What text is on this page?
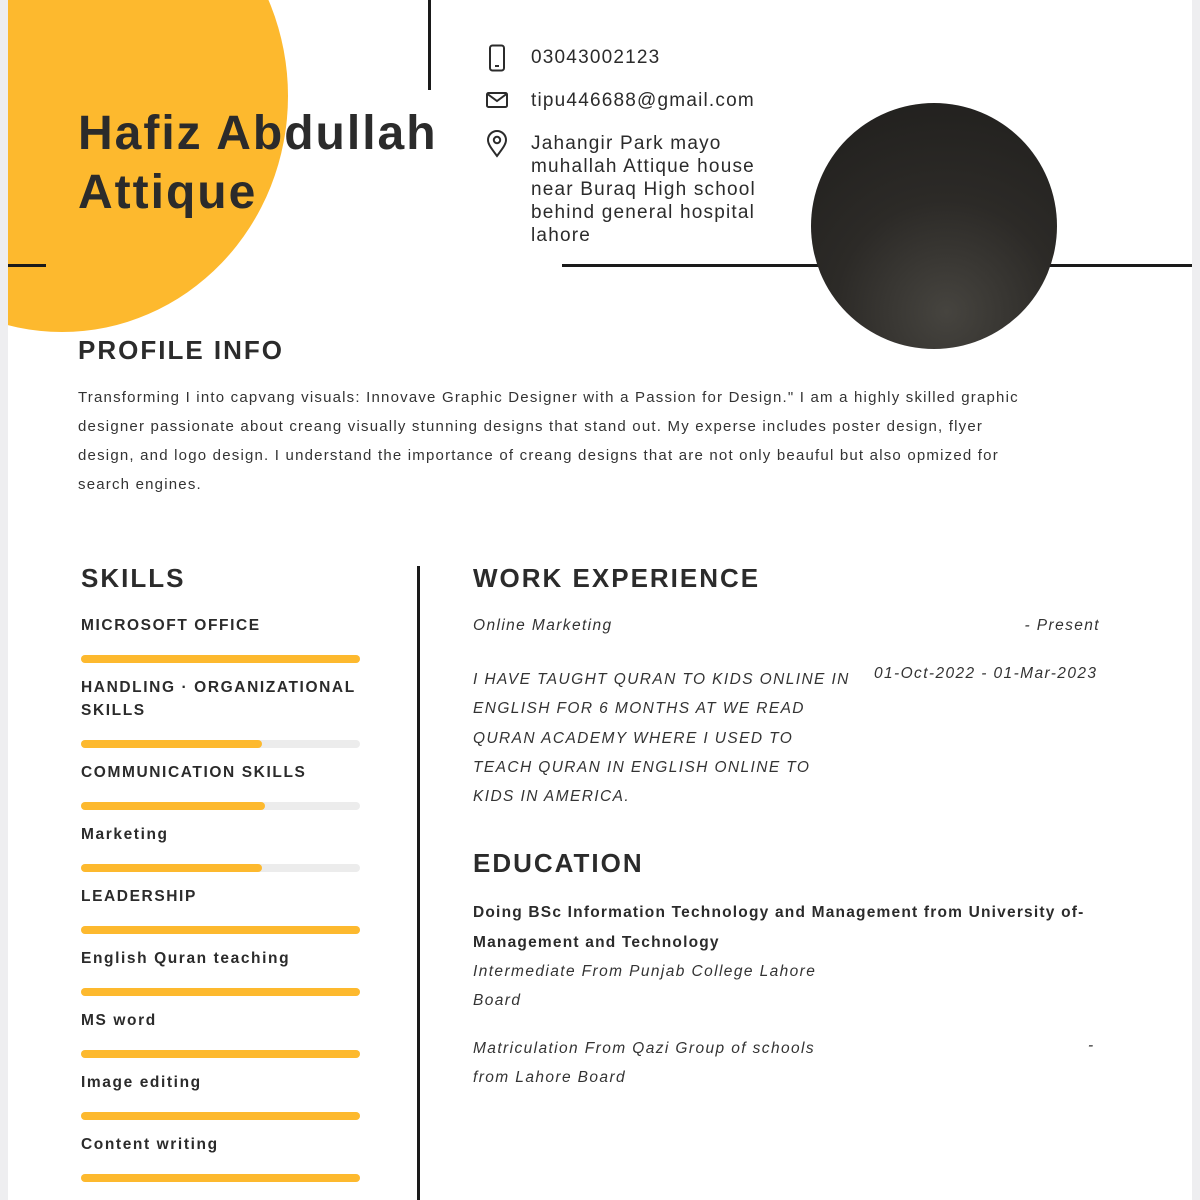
Hafiz Abdullah
Attique
03043002123
tipu446688@gmail.com
Jahangir Park mayo
muhallah Attique house
near Buraq High school
behind general hospital
lahore
PROFILE INFO

Transforming I into capvang visuals: Innovave Graphic Designer with a Passion for Design." I am a highly skilled graphic
designer passionate about creang visually stunning designs that stand out. My experse includes poster design, flyer
design, and logo design. I understand the importance of creang designs that are not only beauful but also opmized for
search engines.

SKILLS
MICROSOFT OFFICE
HANDLING · ORGANIZATIONAL
SKILLS
COMMUNICATION SKILLS
Marketing
LEADERSHIP
English Quran teaching
MS word
Image editing
Content writing
WORK EXPERIENCE
Online Marketing	- Present

I HAVE TAUGHT QURAN TO KIDS ONLINE IN
ENGLISH FOR 6 MONTHS AT WE READ
QURAN ACADEMY WHERE I USED TO
TEACH QURAN IN ENGLISH ONLINE TO
KIDS IN AMERICA.

01-Oct-2022 - 01-Mar-2023
EDUCATION

Doing BSc Information Technology and Management from University of-
Management and Technology

Intermediate From Punjab College Lahore
Board

Matriculation From Qazi Group of schools
from Lahore Board

-
